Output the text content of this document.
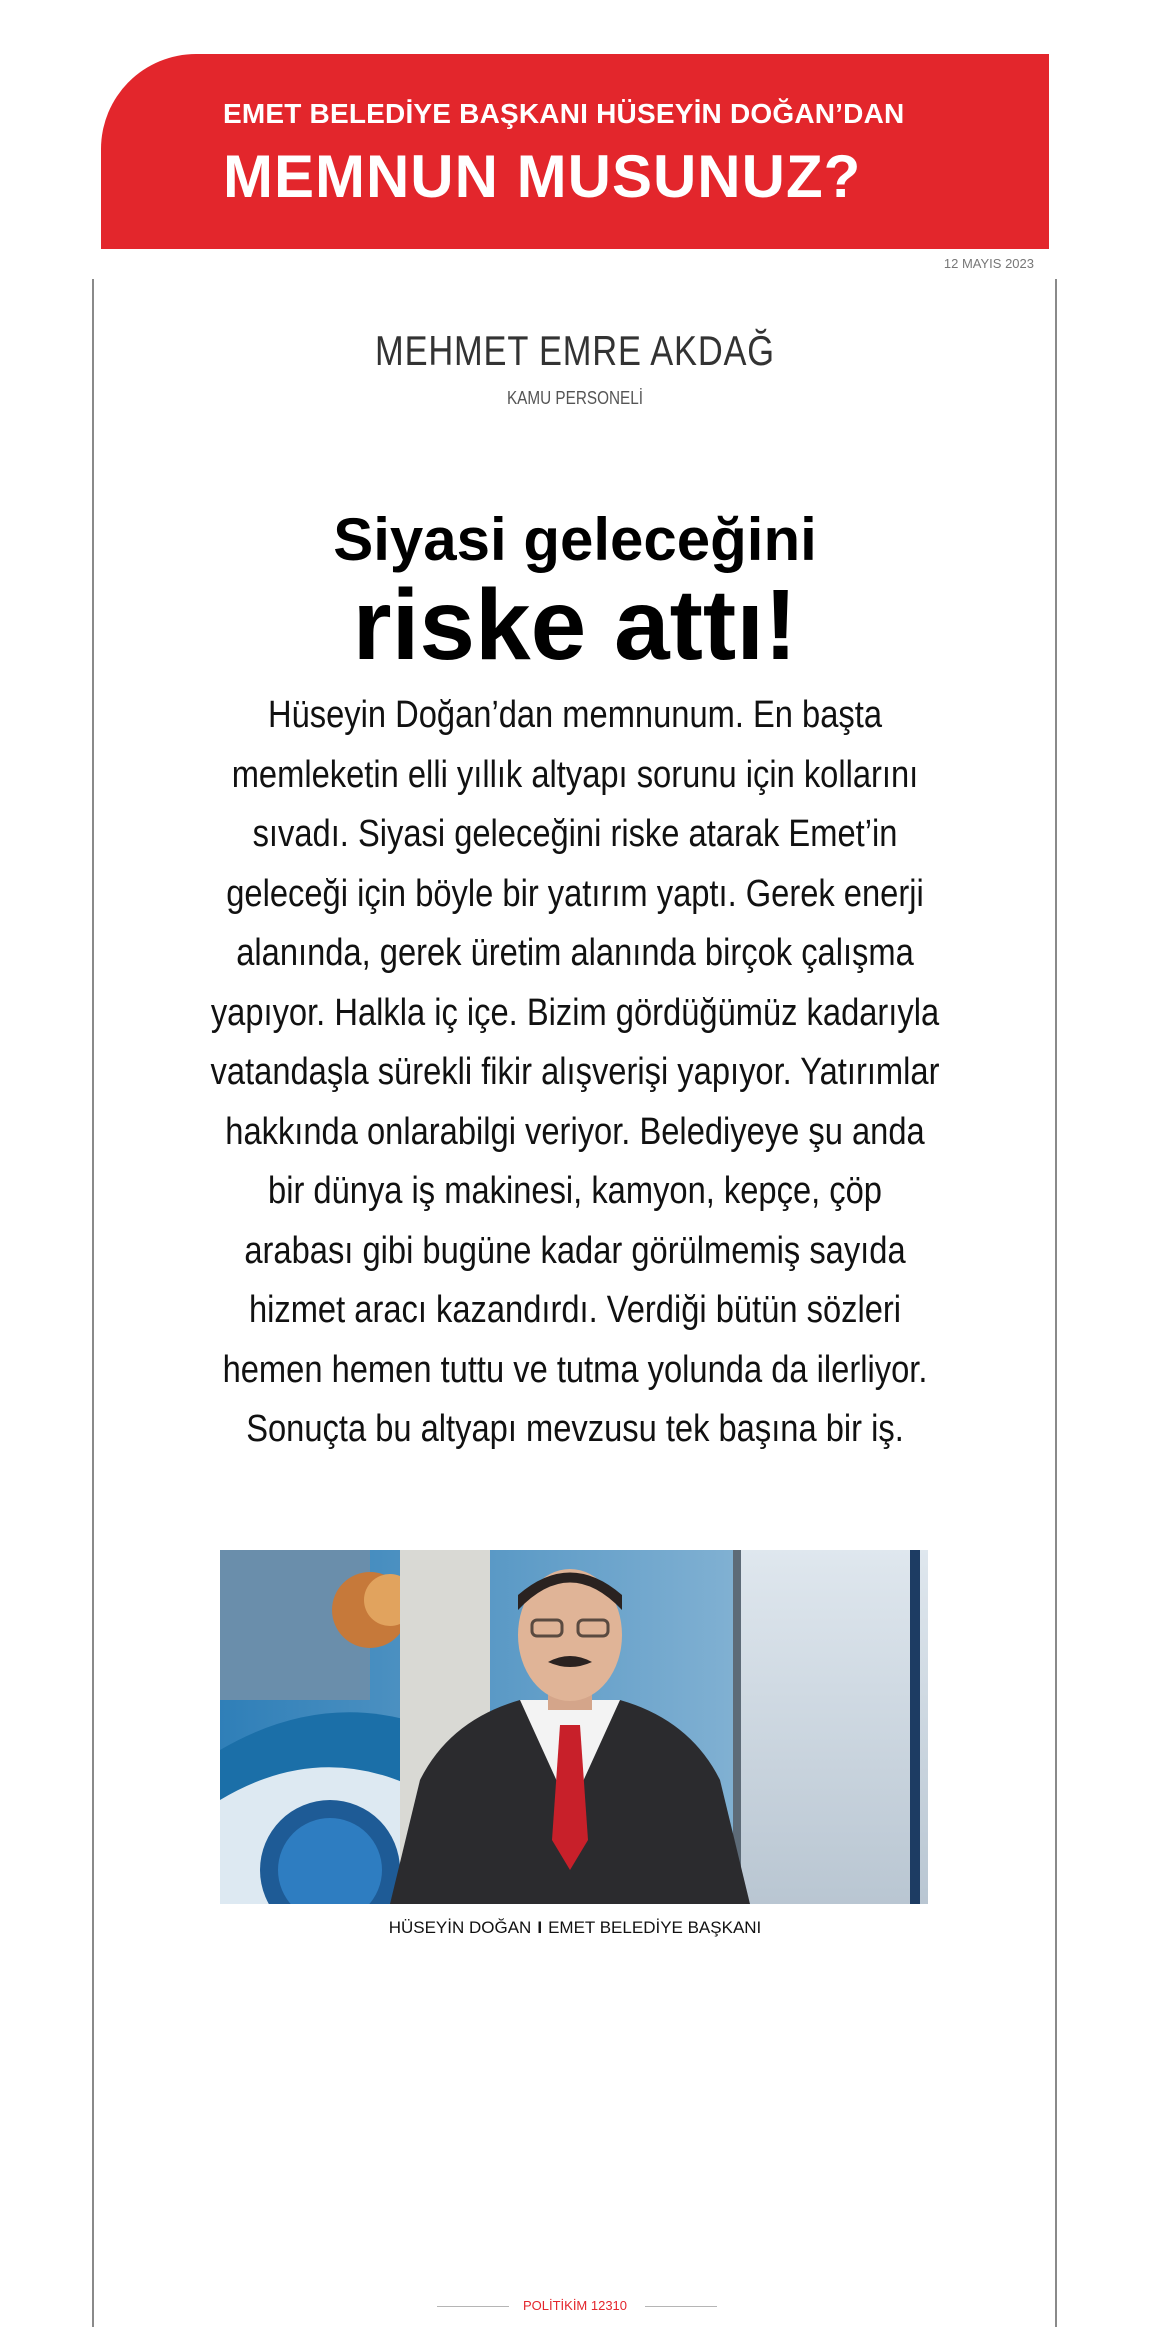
EMET BELEDİYE BAŞKANI HÜSEYİN DOĞAN’DAN
MEMNUN MUSUNUZ?
12 MAYIS 2023
MEHMET EMRE AKDAĞ
KAMU PERSONELİ
Siyasi geleceğini
riske attı!

Hüseyin Doğan’dan memnunum. En başta memleketin elli yıllık altyapı sorunu için kollarını sıvadı. Siyasi geleceğini riske atarak Emet’in geleceği için böyle bir yatırım yaptı. Gerek enerji alanında, gerek üretim alanında birçok çalışma yapıyor. Halkla iç içe. Bizim gördüğümüz kadarıyla vatandaşla sürekli fikir alışverişi yapıyor. Yatırımlar hakkında onlarabilgi veriyor. Belediyeye şu anda bir dünya iş makinesi, kamyon, kepçe, çöp arabası gibi bugüne kadar görülmemiş sayıda hizmet aracı kazandırdı. Verdiği bütün sözleri hemen hemen tuttu ve tutma yolunda da ilerliyor. Sonuçta bu altyapı mevzusu tek başına bir iş.

HÜSEYİN DOĞAN I EMET BELEDİYE BAŞKANI
POLİTİKİM 12310
